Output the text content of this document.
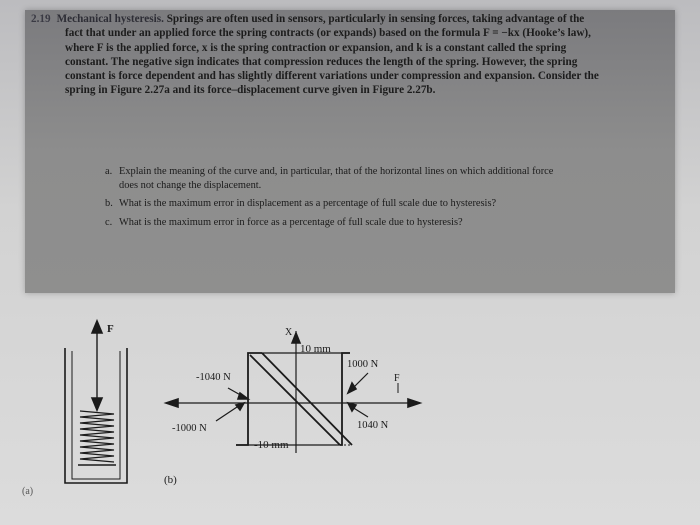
2.19 Mechanical hysteresis. Springs are often used in sensors, particularly in sensing forces, taking advantage of the fact that under an applied force the spring contracts (or expands) based on the formula F = −kx (Hooke’s law), where F is the applied force, x is the spring contraction or expansion, and k is a constant called the spring constant. The negative sign indicates that compression reduces the length of the spring. However, the spring constant is force dependent and has slightly different variations under compression and expansion. Consider the spring in Figure 2.27a and its force–displacement curve given in Figure 2.27b.
a. Explain the meaning of the curve and, in particular, that of the horizontal lines on which additional force does not change the displacement.
b. What is the maximum error in displacement as a percentage of full scale due to hysteresis?
c. What is the maximum error in force as a percentage of full scale due to hysteresis?
(a)
(b)
F	X
F
10 mm
-10 mm
1000 N
-1040 N
-1000 N	1040 N
